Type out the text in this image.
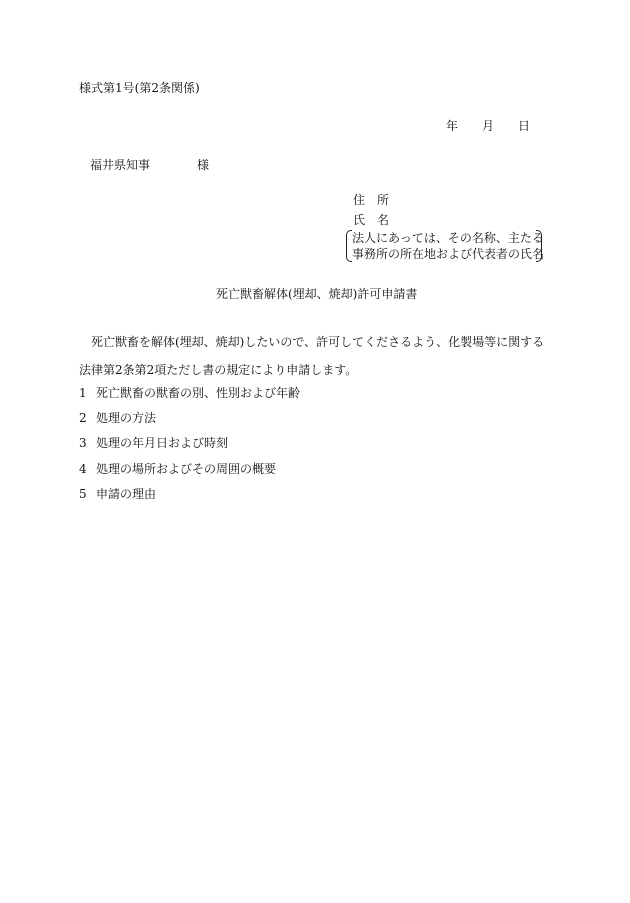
様式第1号(第2条関係)
年 月 日
福井県知事	様
住 所
氏 名
法人にあっては、その名称、主たる
事務所の所在地および代表者の氏名
死亡獣畜解体(埋却、焼却)許可申請書
死亡獣畜を解体(埋却、焼却)したいので、許可してくださるよう、化製場等に関する法律第2条第2項ただし書の規定により申請します。
1 死亡獣畜の獣畜の別、性別および年齢
2 処理の方法
3 処理の年月日および時刻
4 処理の場所およびその周囲の概要
5 申請の理由
